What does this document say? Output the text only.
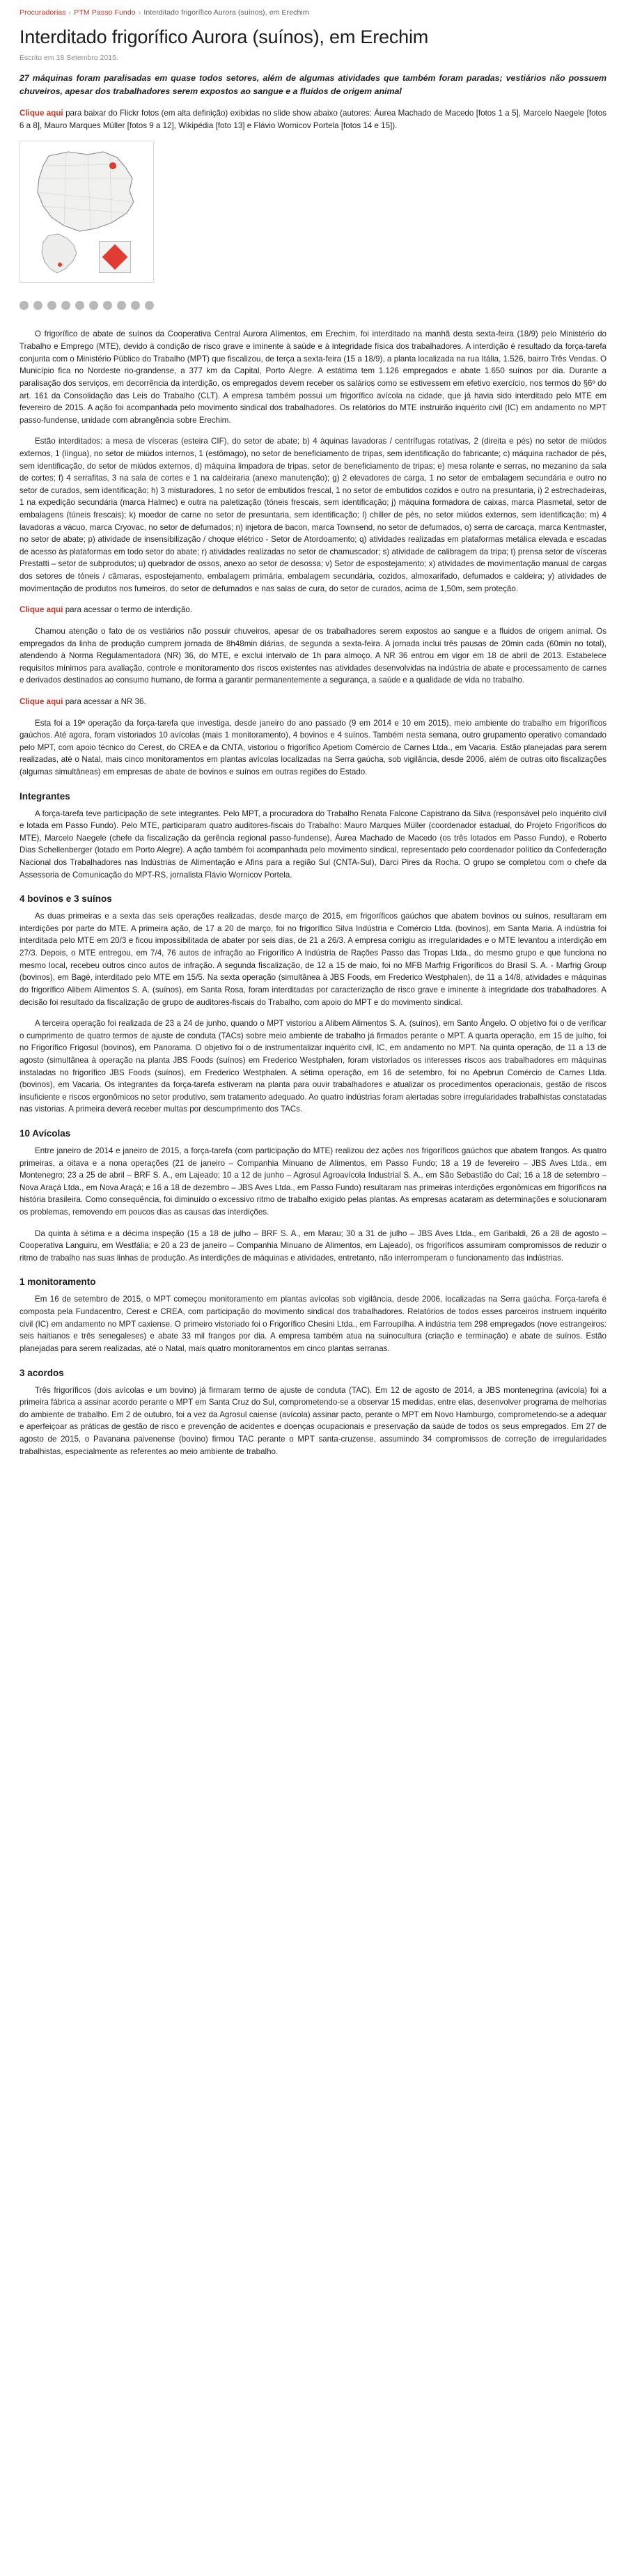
Procuradorias › PTM Passo Fundo › Interditado frigorífico Aurora (suínos), em Erechim
Interditado frigorífico Aurora (suínos), em Erechim
Escrito em 18 Setembro 2015.

27 máquinas foram paralisadas em quase todos setores, além de algumas atividades que também foram paradas; vestiários não possuem chuveiros, apesar dos trabalhadores serem expostos ao sangue e a fluidos de origem animal

Clique aqui para baixar do Flickr fotos (em alta definição) exibidas no slide show abaixo (autores: Áurea Machado de Macedo [fotos 1 a 5], Marcelo Naegele [fotos 6 a 8], Mauro Marques Müller [fotos 9 a 12], Wikipédia [foto 13] e Flávio Wornicov Portela [fotos 14 e 15]).

O frigorífico de abate de suínos da Cooperativa Central Aurora Alimentos, em Erechim, foi interditado na manhã desta sexta-feira (18/9) pelo Ministério do Trabalho e Emprego (MTE), devido à condição de risco grave e iminente à saúde e à integridade física dos trabalhadores. A interdição é resultado da força-tarefa conjunta com o Ministério Público do Trabalho (MPT) que fiscalizou, de terça a sexta-feira (15 a 18/9), a planta localizada na rua Itália, 1.526, bairro Três Vendas. O Município fica no Nordeste rio-grandense, a 377 km da Capital, Porto Alegre. A estátima tem 1.126 empregados e abate 1.650 suínos por dia. Durante a paralisação dos serviços, em decorrência da interdição, os empregados devem receber os salários como se estivessem em efetivo exercício, nos termos do §6º do art. 161 da Consolidação das Leis do Trabalho (CLT). A empresa também possui um frigorífico avícola na cidade, que já havia sido interditado pelo MTE em fevereiro de 2015. A ação foi acompanhada pelo movimento sindical dos trabalhadores. Os relatórios do MTE instruirão inquérito civil (IC) em andamento no MPT passo-fundense, unidade com abrangência sobre Erechim.

Estão interditados: a mesa de vísceras (esteira CIF), do setor de abate; b) 4 áquinas lavadoras / centrífugas rotativas, 2 (direita e pés) no setor de miúdos externos, 1 (língua), no setor de miúdos internos, 1 (estômago), no setor de beneficiamento de tripas, sem identificação do fabricante; c) máquina rachador de pés, sem identificação, do setor de miúdos externos, d) máquina limpadora de tripas, setor de beneficiamento de tripas; e) mesa rolante e serras, no mezanino da sala de cortes; f) 4 serrafitas, 3 na sala de cortes e 1 na caldeiraria (anexo manutenção); g) 2 elevadores de carga, 1 no setor de embalagem secundária e outro no setor de curados, sem identificação; h) 3 misturadores, 1 no setor de embutidos frescal, 1 no setor de embutidos cozidos e outro na presuntaria, i) 2 estrechadeiras, 1 na expedição secundária (marca Halmec) e outra na paletização (tóneis frescais, sem identificação; j) máquina formadora de caixas, marca Plasmetal, setor de embalagens (túneis frescais); k) moedor de carne no setor de presuntaria, sem identificação; l) chiller de pés, no setor miúdos externos, sem identificação; m) 4 lavadoras a vácuo, marca Cryovac, no setor de defumados; n) injetora de bacon, marca Townsend, no setor de defumados, o) serra de carcaça, marca Kentmaster, no setor de abate; p) atividade de insensibilização / choque elétrico - Setor de Atordoamento; q) atividades realizadas em plataformas metálica elevada e escadas de acesso às plataformas em todo setor do abate; r) atividades realizadas no setor de chamuscador; s) atividade de calibragem da tripa; t) prensa setor de vísceras Prestatti – setor de subprodutos; u) quebrador de ossos, anexo ao setor de desossa; v) Setor de espostejamento; x) atividades de movimentação manual de cargas dos setores de tóneis / câmaras, espostejamento, embalagem primária, embalagem secundária, cozidos, almoxarifado, defumados e caldeira; y) atividades de movimentação de produtos nos fumeiros, do setor de defumados e nas salas de cura, do setor de curados, acima de 1,50m, sem proteção.

Clique aqui para acessar o termo de interdição.

Chamou atenção o fato de os vestiários não possuir chuveiros, apesar de os trabalhadores serem expostos ao sangue e a fluidos de origem animal. Os empregados da linha de produção cumprem jornada de 8h48min diárias, de segunda a sexta-feira. A jornada inclui três pausas de 20min cada (60min no total), atendendo à Norma Regulamentadora (NR) 36, do MTE, e exclui intervalo de 1h para almoço. A NR 36 entrou em vigor em 18 de abril de 2013. Estabelece requisitos mínimos para avaliação, controle e monitoramento dos riscos existentes nas atividades desenvolvidas na indústria de abate e processamento de carnes e derivados destinados ao consumo humano, de forma a garantir permanentemente a segurança, a saúde e a qualidade de vida no trabalho.

Clique aqui para acessar a NR 36.

Esta foi a 19ª operação da força-tarefa que investiga, desde janeiro do ano passado (9 em 2014 e 10 em 2015), meio ambiente do trabalho em frigoríficos gaúchos. Até agora, foram vistoriados 10 avícolas (mais 1 monitoramento), 4 bovinos e 4 suínos. Também nesta semana, outro grupamento operativo comandado pelo MPT, com apoio técnico do Cerest, do CREA e da CNTA, vistoriou o frigorífico Apetiom Comércio de Carnes Ltda., em Vacaria. Estão planejadas para serem realizadas, até o Natal, mais cinco monitoramentos em plantas avícolas localizadas na Serra gaúcha, sob vigilância, desde 2006, além de outras oito fiscalizações (algumas simultâneas) em empresas de abate de bovinos e suínos em outras regiões do Estado.

Integrantes

A força-tarefa teve participação de sete integrantes. Pelo MPT, a procuradora do Trabalho Renata Falcone Capistrano da Silva (responsável pelo inquérito civil e lotada em Passo Fundo). Pelo MTE, participaram quatro auditores-fiscais do Trabalho: Mauro Marques Müller (coordenador estadual, do Projeto Frigoríficos do MTE), Marcelo Naegele (chefe da fiscalização da gerência regional passo-fundense), Áurea Machado de Macedo (os três lotados em Passo Fundo), e Roberto Dias Schellenberger (lotado em Porto Alegre). A ação também foi acompanhada pelo movimento sindical, representado pelo coordenador político da Confederação Nacional dos Trabalhadores nas Indústrias de Alimentação e Afins para a região Sul (CNTA-Sul), Darci Pires da Rocha. O grupo se completou com o chefe da Assessoria de Comunicação do MPT-RS, jornalista Flávio Wornicov Portela.

4 bovinos e 3 suínos

As duas primeiras e a sexta das seis operações realizadas, desde março de 2015, em frigoríficos gaúchos que abatem bovinos ou suínos, resultaram em interdições por parte do MTE. A primeira ação, de 17 a 20 de março, foi no frigorífico Silva Indústria e Comércio Ltda. (bovinos), em Santa Maria. A indústria foi interditada pelo MTE em 20/3 e ficou impossibilitada de abater por seis dias, de 21 a 26/3. A empresa corrigiu as irregularidades e o MTE levantou a interdição em 27/3. Depois, o MTE entregou, em 7/4, 76 autos de infração ao Frigorífico A Indústria de Rações Passo das Tropas Ltda., do mesmo grupo e que funciona no mesmo local, recebeu outros cinco autos de infração. A segunda fiscalização, de 12 a 15 de maio, foi no MFB Marfrig Frigoríficos do Brasil S. A. - Marfrig Group (bovinos), em Bagé, interditado pelo MTE em 15/5. Na sexta operação (simultânea à JBS Foods, em Frederico Westphalen), de 11 a 14/8, atividades e máquinas do frigorífico Alibem Alimentos S. A. (suínos), em Santa Rosa, foram interditadas por caracterização de risco grave e iminente à integridade dos trabalhadores. A decisão foi resultado da fiscalização de grupo de auditores-fiscais do Trabalho, com apoio do MPT e do movimento sindical.

A terceira operação foi realizada de 23 a 24 de junho, quando o MPT vistoriou a Alibem Alimentos S. A. (suínos), em Santo Ângelo. O objetivo foi o de verificar o cumprimento de quatro termos de ajuste de conduta (TACs) sobre meio ambiente de trabalho já firmados perante o MPT. A quarta operação, em 15 de julho, foi no Frigorífico Frigosul (bovinos), em Panorama. O objetivo foi o de instrumentalizar inquérito civil, IC, em andamento no MPT. Na quinta operação, de 11 a 13 de agosto (simultânea à operação na planta JBS Foods (suínos) em Frederico Westphalen, foram vistoriados os interesses riscos aos trabalhadores em máquinas instaladas no frigorífico JBS Foods (suínos), em Frederico Westphalen. A sétima operação, em 16 de setembro, foi no Apebrun Comércio de Carnes Ltda. (bovinos), em Vacaria. Os integrantes da força-tarefa estiveram na planta para ouvir trabalhadores e atualizar os procedimentos operacionais, gestão de riscos insuficiente e riscos ergonômicos no setor produtivo, sem tratamento adequado. Ao quatro indústrias foram alertadas sobre irregularidades trabalhistas constatadas nas vistorias. A primeira deverá receber multas por descumprimento dos TACs.

10 Avícolas

Entre janeiro de 2014 e janeiro de 2015, a força-tarefa (com participação do MTE) realizou dez ações nos frigoríficos gaúchos que abatem frangos. As quatro primeiras, a oitava e a nona operações (21 de janeiro – Companhia Minuano de Alimentos, em Passo Fundo; 18 a 19 de fevereiro – JBS Aves Ltda., em Montenegro; 23 a 25 de abril – BRF S. A., em Lajeado; 10 a 12 de junho – Agrosul Agroavícola Industrial S. A., em São Sebastião do Caí; 16 a 18 de setembro – Nova Araçá Ltda., em Nova Araçá; e 16 a 18 de dezembro – JBS Aves Ltda., em Passo Fundo) resultaram nas primeiras interdições ergonômicas em frigoríficos na história brasileira. Como consequência, foi diminuído o excessivo ritmo de trabalho exigido pelas plantas. As empresas acataram as determinações e solucionaram os problemas, removendo em poucos dias as causas das interdições.

Da quinta à sétima e a décima inspeção (15 a 18 de julho – BRF S. A., em Marau; 30 a 31 de julho – JBS Aves Ltda., em Garibaldi, 26 a 28 de agosto – Cooperativa Languiru, em Westfália; e 20 a 23 de janeiro – Companhia Minuano de Alimentos, em Lajeado), os frigoríficos assumiram compromissos de reduzir o ritmo de trabalho nas suas linhas de produção. As interdições de máquinas e atividades, entretanto, não interromperam o funcionamento das indústrias.

1 monitoramento

Em 16 de setembro de 2015, o MPT começou monitoramento em plantas avícolas sob vigilância, desde 2006, localizadas na Serra gaúcha. Força-tarefa é composta pela Fundacentro, Cerest e CREA, com participação do movimento sindical dos trabalhadores. Relatórios de todos esses parceiros instruem inquérito civil (IC) em andamento no MPT caxiense. O primeiro vistoriado foi o Frigorífico Chesini Ltda., em Farroupilha. A indústria tem 298 empregados (nove estrangeiros: seis haitianos e três senegaleses) e abate 33 mil frangos por dia. A empresa também atua na suinocultura (criação e terminação) e abate de suínos. Estão planejadas para serem realizadas, até o Natal, mais quatro monitoramentos em cinco plantas serranas.

3 acordos

Três frigoríficos (dois avícolas e um bovino) já firmaram termo de ajuste de conduta (TAC). Em 12 de agosto de 2014, a JBS montenegrina (avícola) foi a primeira fábrica a assinar acordo perante o MPT em Santa Cruz do Sul, comprometendo-se a observar 15 medidas, entre elas, desenvolver programa de melhorias do ambiente de trabalho. Em 2 de outubro, foi a vez da Agrosul caiense (avícola) assinar pacto, perante o MPT em Novo Hamburgo, comprometendo-se a adequar e aperfeiçoar as práticas de gestão de risco e prevenção de acidentes e doenças ocupacionais e preservação da saúde de todos os seus empregados. Em 27 de agosto de 2015, o Pavanana paivenense (bovino) firmou TAC perante o MPT santa-cruzense, assumindo 34 compromissos de correção de irregularidades trabalhistas, especialmente as referentes ao meio ambiente de trabalho.
